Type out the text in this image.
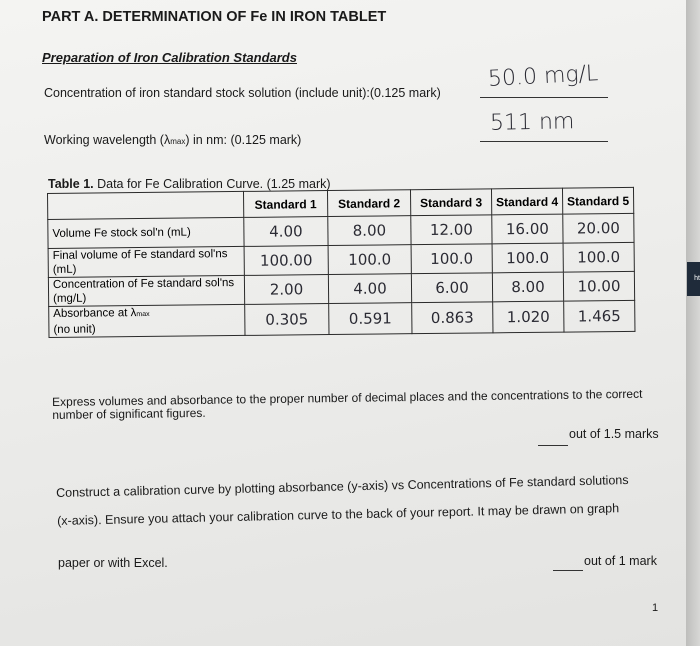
PART A. DETERMINATION OF Fe IN IRON TABLET
Preparation of Iron Calibration Standards
Concentration of iron standard stock solution (include unit):(0.125 mark)
50.0 mg/L
Working wavelength (λmax) in nm: (0.125 mark)
511 nm
Table 1. Data for Fe Calibration Curve. (1.25 mark)
	Standard 1	Standard 2	Standard 3	Standard 4	Standard 5
Volume Fe stock sol'n (mL)	4.00	8.00	12.00	16.00	20.00
Final volume of Fe standard sol'ns (mL)	100.00	100.0	100.0	100.0	100.0
Concentration of Fe standard sol'ns (mg/L)	2.00	4.00	6.00	8.00	10.00
Absorbance at λmax
(no unit)	0.305	0.591	0.863	1.020	1.465
Express volumes and absorbance to the proper number of decimal places and the concentrations to the correct number of significant figures.
out of 1.5 marks
Construct a calibration curve by plotting absorbance (y-axis) vs Concentrations of Fe standard solutions
(x-axis). Ensure you attach your calibration curve to the back of your report. It may be drawn on graph
paper or with Excel.	out of 1 mark
1
ht
